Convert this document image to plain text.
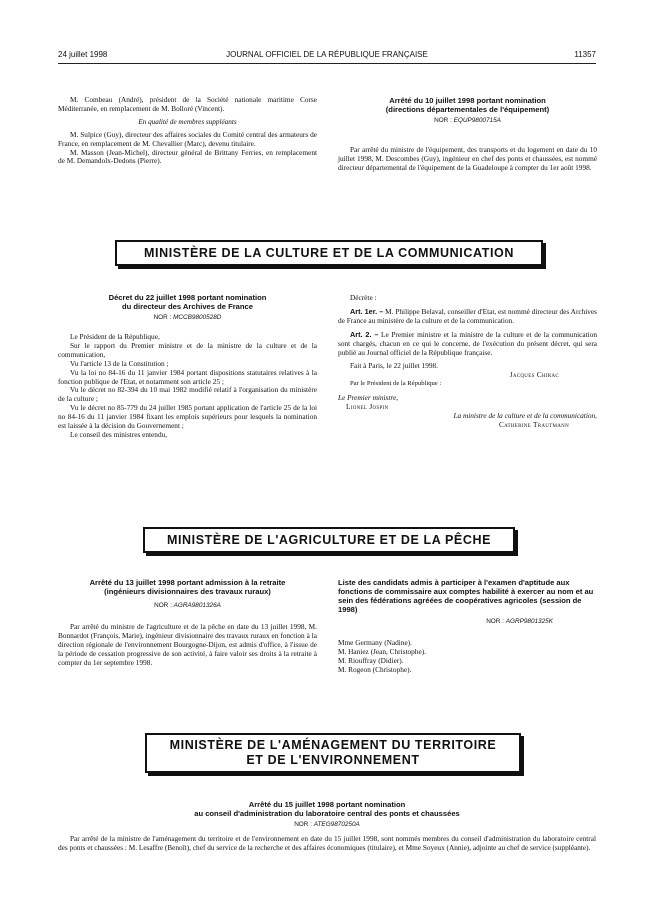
24 juillet 1998	JOURNAL OFFICIEL DE LA RÉPUBLIQUE FRANÇAISE	11357

M. Combeau (André), président de la Société nationale maritime Corse Méditerranée, en remplacement de M. Bolloré (Vincent).

En qualité de membres suppléants

M. Sulpice (Guy), directeur des affaires sociales du Comité central des armateurs de France, en remplacement de M. Chevallier (Marc), devenu titulaire.

M. Masson (Jean-Michel), directeur général de Brittany Ferries, en remplacement de M. Demandolx-Dedons (Pierre).

Arrêté du 10 juillet 1998 portant nomination

(directions départementales de l'équipement)

NOR : EQUP9800715A

Par arrêté du ministre de l'équipement, des transports et du logement en date du 10 juillet 1998, M. Descombes (Guy), ingénieur en chef des ponts et chaussées, est nommé directeur départemental de l'équipement de la Guadeloupe à compter du 1er août 1998.

MINISTÈRE DE LA CULTURE ET DE LA COMMUNICATION

Décret du 22 juillet 1998 portant nomination

du directeur des Archives de France

NOR : MCCB9800528D

Le Président de la République,

Sur le rapport du Premier ministre et de la ministre de la culture et de la communication,

Vu l'article 13 de la Constitution ;

Vu la loi no 84-16 du 11 janvier 1984 portant dispositions statutaires relatives à la fonction publique de l'Etat, et notamment son article 25 ;

Vu le décret no 82-394 du 10 mai 1982 modifié relatif à l'organisation du ministère de la culture ;

Vu le décret no 85-779 du 24 juillet 1985 portant application de l'article 25 de la loi no 84-16 du 11 janvier 1984 fixant les emplois supérieurs pour lesquels la nomination est laissée à la décision du Gouvernement ;

Le conseil des ministres entendu,

Décrète :

Art. 1er. – M. Philippe Belaval, conseiller d'Etat, est nommé directeur des Archives de France au ministère de la culture et de la communication.

Art. 2. – Le Premier ministre et la ministre de la culture et de la communication sont chargés, chacun en ce qui le concerne, de l'exécution du présent décret, qui sera publié au Journal officiel de la République française.

Fait à Paris, le 22 juillet 1998.

Jacques Chirac

Par le Président de la République :

Le Premier ministre,

Lionel Jospin

La ministre de la culture et de la communication,

Catherine Trautmann

MINISTÈRE DE L'AGRICULTURE ET DE LA PÊCHE

Arrêté du 13 juillet 1998 portant admission à la retraite

(ingénieurs divisionnaires des travaux ruraux)

NOR : AGRA9801326A

Par arrêté du ministre de l'agriculture et de la pêche en date du 13 juillet 1998, M. Bonnardot (François, Marie), ingénieur divisionnaire des travaux ruraux en fonction à la direction régionale de l'environnement Bourgogne-Dijon, est admis d'office, à l'issue de la période de cessation progressive de son activité, à faire valoir ses droits à la retraite à compter du 1er septembre 1998.

Liste des candidats admis à participer à l'examen d'aptitude aux fonctions de commissaire aux comptes habilité à exercer au nom et au sein des fédérations agréées de coopératives agricoles (session de 1998)

NOR : AGRP9801325K

Mme Germany (Nadine).

M. Haniez (Jean, Christophe).

M. Riouffray (Didier).

M. Rogeon (Christophe).

MINISTÈRE DE L'AMÉNAGEMENT DU TERRITOIRE
ET DE L'ENVIRONNEMENT

Arrêté du 15 juillet 1998 portant nomination

au conseil d'administration du laboratoire central des ponts et chaussées

NOR : ATEG9870250A

Par arrêté de la ministre de l'aménagement du territoire et de l'environnement en date du 15 juillet 1998, sont nommés membres du conseil d'administration du laboratoire central des ponts et chaussées : M. Lesaffre (Benoît), chef du service de la recherche et des affaires économiques (titulaire), et Mme Soyeux (Annie), adjointe au chef de service (suppléante).
